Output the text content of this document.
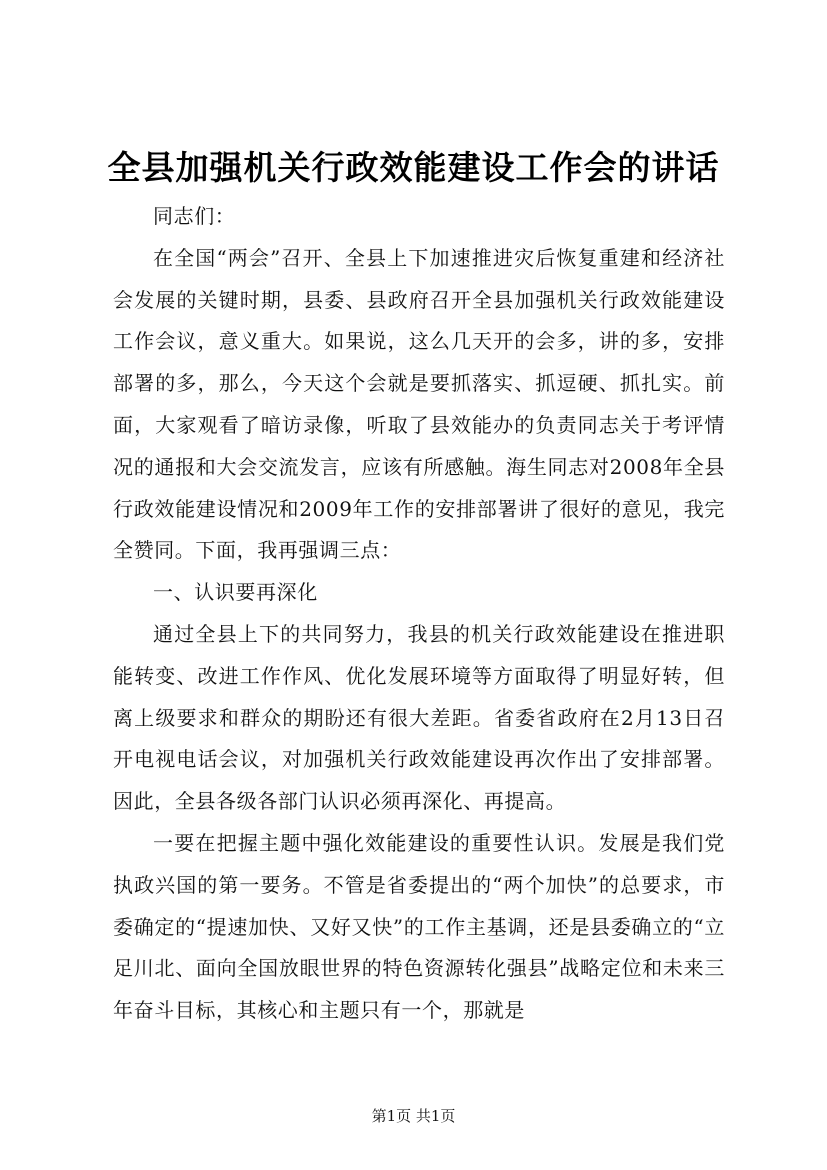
全县加强机关行政效能建设工作会的讲话

同志们：

在全国“两会”召开、全县上下加速推进灾后恢复重建和经济社会发展的关键时期，县委、县政府召开全县加强机关行政效能建设工作会议，意义重大。如果说，这么几天开的会多，讲的多，安排部署的多，那么，今天这个会就是要抓落实、抓逗硬、抓扎实。前面，大家观看了暗访录像，听取了县效能办的负责同志关于考评情况的通报和大会交流发言，应该有所感触。海生同志对2008年全县行政效能建设情况和2009年工作的安排部署讲了很好的意见，我完全赞同。下面，我再强调三点：

一、认识要再深化

通过全县上下的共同努力，我县的机关行政效能建设在推进职能转变、改进工作作风、优化发展环境等方面取得了明显好转，但离上级要求和群众的期盼还有很大差距。省委省政府在2月13日召开电视电话会议，对加强机关行政效能建设再次作出了安排部署。因此，全县各级各部门认识必须再深化、再提高。

一要在把握主题中强化效能建设的重要性认识。发展是我们党执政兴国的第一要务。不管是省委提出的“两个加快”的总要求，市委确定的“提速加快、又好又快”的工作主基调，还是县委确立的“立足川北、面向全国放眼世界的特色资源转化强县”战略定位和未来三年奋斗目标，其核心和主题只有一个，那就是

第1页 共1页
